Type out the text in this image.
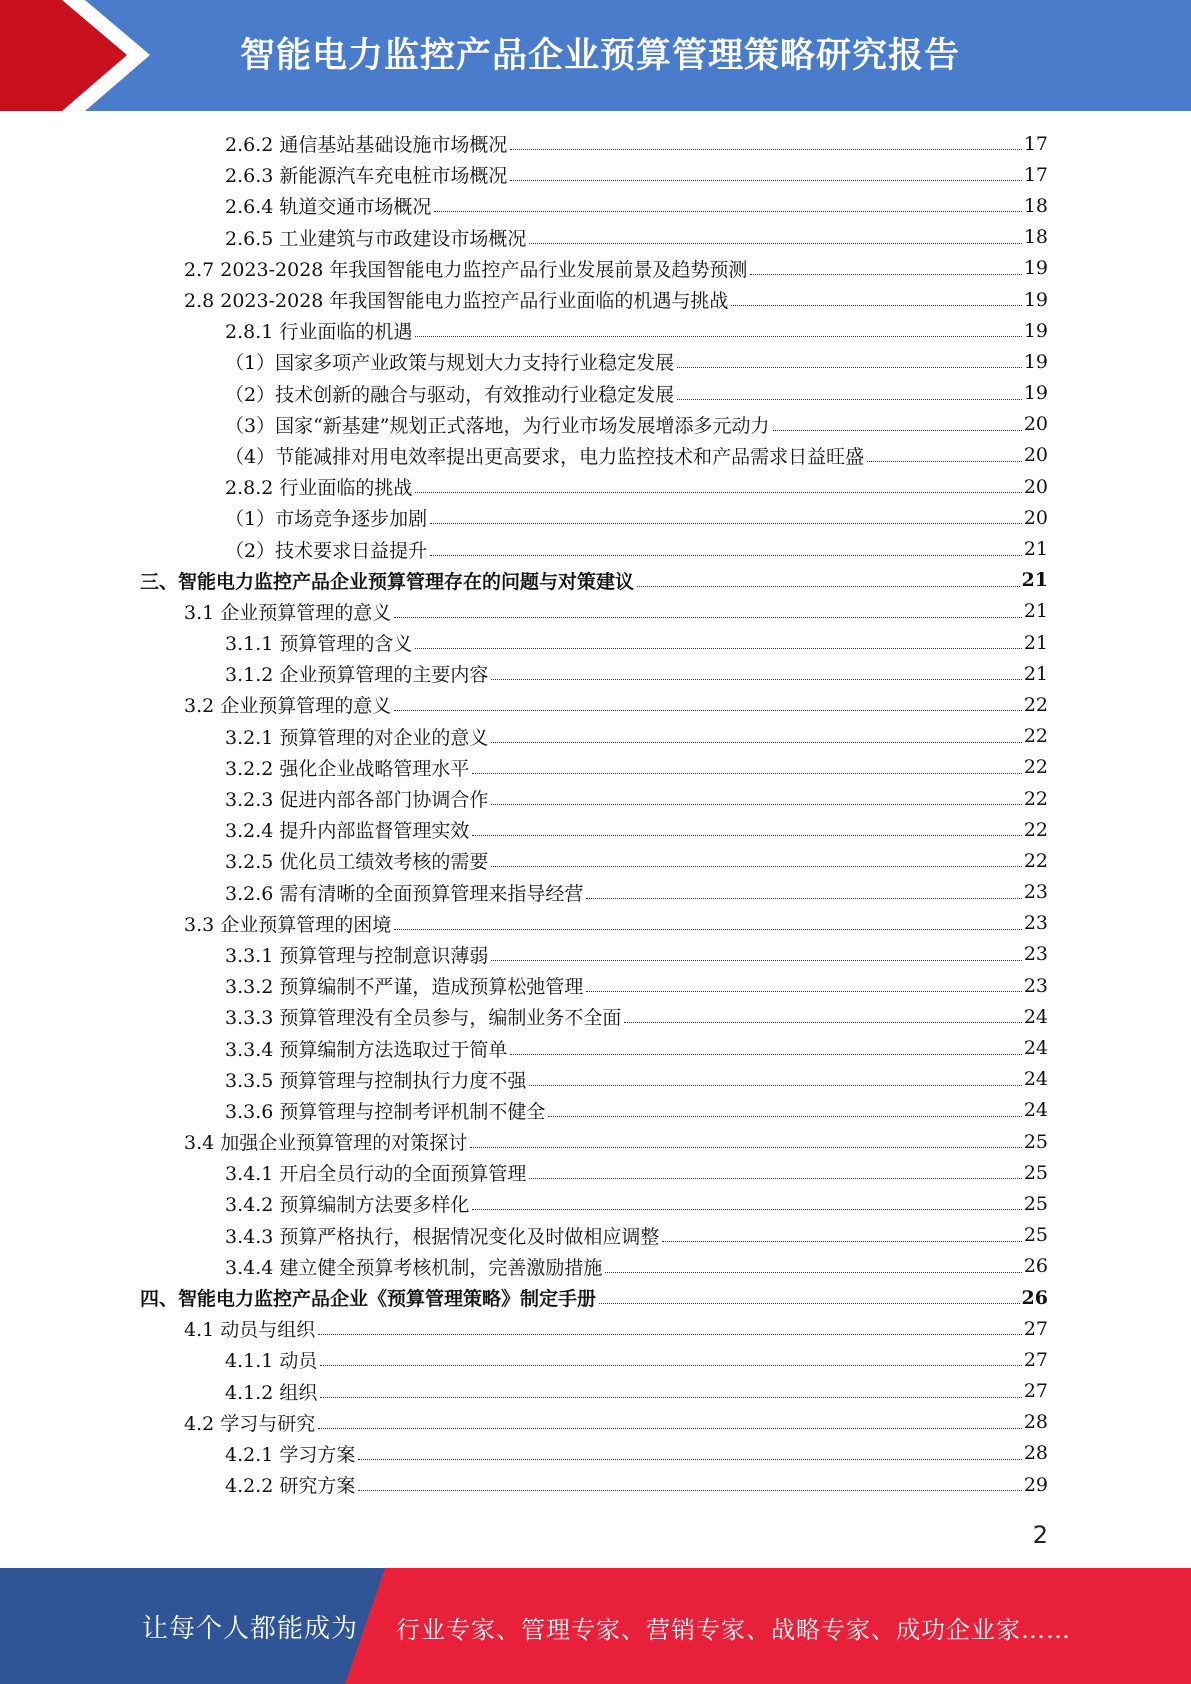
智能电力监控产品企业预算管理策略研究报告
2.6.2 通信基站基础设施市场概况	17
2.6.3 新能源汽车充电桩市场概况	17
2.6.4 轨道交通市场概况	18
2.6.5 工业建筑与市政建设市场概况	18
2.7 2023-2028 年我国智能电力监控产品行业发展前景及趋势预测	19
2.8 2023-2028 年我国智能电力监控产品行业面临的机遇与挑战	19
2.8.1 行业面临的机遇	19
（1）国家多项产业政策与规划大力支持行业稳定发展	19
（2）技术创新的融合与驱动，有效推动行业稳定发展	19
（3）国家“新基建”规划正式落地，为行业市场发展增添多元动力	20
（4）节能减排对用电效率提出更高要求，电力监控技术和产品需求日益旺盛	20
2.8.2 行业面临的挑战	20
（1）市场竞争逐步加剧	20
（2）技术要求日益提升	21
三、智能电力监控产品企业预算管理存在的问题与对策建议	21
3.1 企业预算管理的意义	21
3.1.1 预算管理的含义	21
3.1.2 企业预算管理的主要内容	21
3.2 企业预算管理的意义	22
3.2.1 预算管理的对企业的意义	22
3.2.2 强化企业战略管理水平	22
3.2.3 促进内部各部门协调合作	22
3.2.4 提升内部监督管理实效	22
3.2.5 优化员工绩效考核的需要	22
3.2.6 需有清晰的全面预算管理来指导经营	23
3.3 企业预算管理的困境	23
3.3.1 预算管理与控制意识薄弱	23
3.3.2 预算编制不严谨，造成预算松弛管理	23
3.3.3 预算管理没有全员参与，编制业务不全面	24
3.3.4 预算编制方法选取过于简单	24
3.3.5 预算管理与控制执行力度不强	24
3.3.6 预算管理与控制考评机制不健全	24
3.4 加强企业预算管理的对策探讨	25
3.4.1 开启全员行动的全面预算管理	25
3.4.2 预算编制方法要多样化	25
3.4.3 预算严格执行，根据情况变化及时做相应调整	25
3.4.4 建立健全预算考核机制，完善激励措施	26
四、智能电力监控产品企业《预算管理策略》制定手册	26
4.1 动员与组织	27
4.1.1 动员	27
4.1.2 组织	27
4.2 学习与研究	28
4.2.1 学习方案	28
4.2.2 研究方案	29
2
让每个人都能成为 行业专家、管理专家、营销专家、战略专家、成功企业家……
